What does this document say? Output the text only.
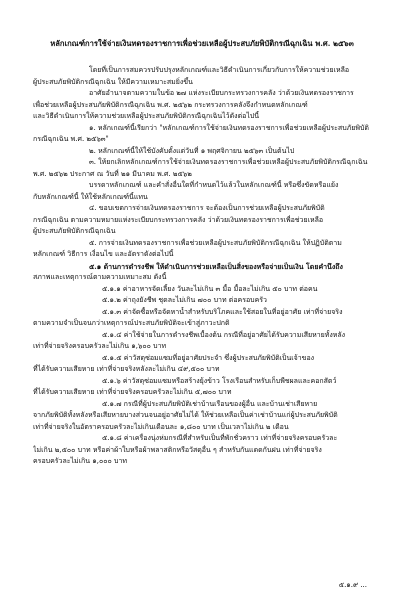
หลักเกณฑ์การใช้จ่ายเงินทดรองราชการเพื่อช่วยเหลือผู้ประสบภัยพิบัติกรณีฉุกเฉิน พ.ศ. ๒๕๖๓

โดยที่เป็นการสมควรปรับปรุงหลักเกณฑ์และวิธีดำเนินการเกี่ยวกับการให้ความช่วยเหลือ

ผู้ประสบภัยพิบัติกรณีฉุกเฉิน ให้มีความเหมาะสมยิ่งขึ้น

อาศัยอำนาจตามความในข้อ ๒๗ แห่งระเบียบกระทรวงการคลัง ว่าด้วยเงินทดรองราชการ

เพื่อช่วยเหลือผู้ประสบภัยพิบัติกรณีฉุกเฉิน พ.ศ. ๒๕๖๒ กระทรวงการคลังจึงกำหนดหลักเกณฑ์

และวิธีดำเนินการให้ความช่วยเหลือผู้ประสบภัยพิบัติกรณีฉุกเฉินไว้ดังต่อไปนี้

๑. หลักเกณฑ์นี้เรียกว่า "หลักเกณฑ์การใช้จ่ายเงินทดรองราชการเพื่อช่วยเหลือผู้ประสบภัยพิบัติ

กรณีฉุกเฉิน พ.ศ. ๒๕๖๓"

๒. หลักเกณฑ์นี้ให้ใช้บังคับตั้งแต่วันที่ ๑ พฤศจิกายน ๒๕๖๓ เป็นต้นไป

๓. ให้ยกเลิกหลักเกณฑ์การใช้จ่ายเงินทดรองราชการเพื่อช่วยเหลือผู้ประสบภัยพิบัติกรณีฉุกเฉิน

พ.ศ. ๒๕๖๒ ประกาศ ณ วันที่ ๒๑ มีนาคม พ.ศ. ๒๕๖๒

บรรดาหลักเกณฑ์ และคำสั่งอื่นใดที่กำหนดไว้แล้วในหลักเกณฑ์นี้ หรือซึ่งขัดหรือแย้ง

กับหลักเกณฑ์นี้ ให้ใช้หลักเกณฑ์นี้แทน

๔. ขอบเขตการจ่ายเงินทดรองราชการ จะต้องเป็นการช่วยเหลือผู้ประสบภัยพิบัติ

กรณีฉุกเฉิน ตามความหมายแห่งระเบียบกระทรวงการคลัง ว่าด้วยเงินทดรองราชการเพื่อช่วยเหลือ

ผู้ประสบภัยพิบัติกรณีฉุกเฉิน

๕. การจ่ายเงินทดรองราชการเพื่อช่วยเหลือผู้ประสบภัยพิบัติกรณีฉุกเฉิน ให้ปฏิบัติตาม

หลักเกณฑ์ วิธีการ เงื่อนไข และอัตราดังต่อไปนี้

๕.๑ ด้านการดำรงชีพ ให้ดำเนินการช่วยเหลือเป็นสิ่งของหรือจ่ายเป็นเงิน โดยคำนึงถึง

สภาพและเหตุการณ์ตามความเหมาะสม ดังนี้

๕.๑.๑ ค่าอาหารจัดเลี้ยง วันละไม่เกิน ๓ มื้อ มื้อละไม่เกิน ๕๐ บาท ต่อคน

๕.๑.๒ ค่าถุงยังชีพ ชุดละไม่เกิน ๗๐๐ บาท ต่อครอบครัว

๕.๑.๓ ค่าจัดซื้อหรือจัดหาน้ำสำหรับบริโภคและใช้สอยในที่อยู่อาศัย เท่าที่จ่ายจริง

ตามความจำเป็นจนกว่าเหตุการณ์ประสบภัยพิบัติจะเข้าสู่ภาวะปกติ

๕.๑.๔ ค่าใช้จ่ายในการดำรงชีพเบื้องต้น กรณีที่อยู่อาศัยได้รับความเสียหายทั้งหลัง

เท่าที่จ่ายจริงครอบครัวละไม่เกิน ๑,๖๐๐ บาท

๕.๑.๕ ค่าวัสดุซ่อมแซมที่อยู่อาศัยประจำ ซึ่งผู้ประสบภัยพิบัติเป็นเจ้าของ

ที่ได้รับความเสียหาย เท่าที่จ่ายจริงหลังละไม่เกิน ๔๙,๕๐๐ บาท

๕.๑.๖ ค่าวัสดุซ่อมแซมหรือสร้างยุ้งข้าว โรงเรือนสำหรับเก็บพืชผลและคอกสัตว์

ที่ได้รับความเสียหาย เท่าที่จ่ายจริงครอบครัวละไม่เกิน ๕,๗๐๐ บาท

๕.๑.๗ กรณีที่ผู้ประสบภัยพิบัติเช่าบ้านเรือนของผู้อื่น และบ้านเช่าเสียหาย

จากภัยพิบัติทั้งหลังหรือเสียหายบางส่วนจนอยู่อาศัยไม่ได้ ให้ช่วยเหลือเป็นค่าเช่าบ้านแก่ผู้ประสบภัยพิบัติ

เท่าที่จ่ายจริงในอัตราครอบครัวละไม่เกินเดือนละ ๑,๘๐๐ บาท เป็นเวลาไม่เกิน ๒ เดือน

๕.๑.๘ ค่าเครื่องนุ่งห่มกรณีที่สำหรับเป็นที่พักชั่วคราว เท่าที่จ่ายจริงครอบครัวละ

ไม่เกิน ๒,๕๐๐ บาท หรือค่าผ้าใบหรือผ้าพลาสติกหรือวัสดุอื่น ๆ สำหรับกันแดดกันฝน เท่าที่จ่ายจริง

ครอบครัวละไม่เกิน ๑,๐๐๐ บาท

๕.๑.๙ ...
